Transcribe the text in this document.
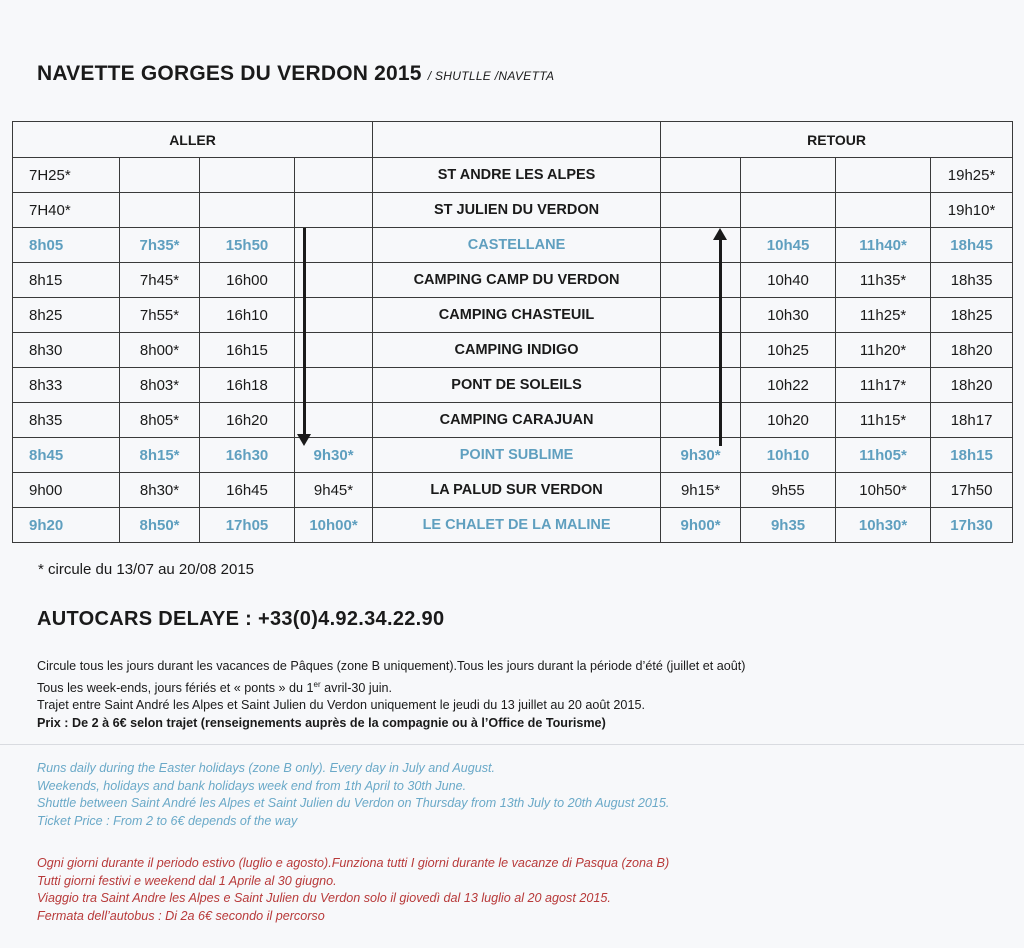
NAVETTE GORGES DU VERDON 2015 / SHUTLLE /NAVETTA
ALLER					RETOUR			
7H25*				ST ANDRE LES ALPES				19h25*
7H40*				ST JULIEN DU VERDON				19h10*
8h05	7h35*	15h50		CASTELLANE		10h45	11h40*	18h45
8h15	7h45*	16h00		CAMPING CAMP DU VERDON		10h40	11h35*	18h35
8h25	7h55*	16h10		CAMPING CHASTEUIL		10h30	11h25*	18h25
8h30	8h00*	16h15		CAMPING INDIGO		10h25	11h20*	18h20
8h33	8h03*	16h18		PONT DE SOLEILS		10h22	11h17*	18h20
8h35	8h05*	16h20		CAMPING CARAJUAN		10h20	11h15*	18h17
8h45	8h15*	16h30	9h30*	POINT SUBLIME	9h30*	10h10	11h05*	18h15
9h00	8h30*	16h45	9h45*	LA PALUD SUR VERDON	9h15*	9h55	10h50*	17h50
9h20	8h50*	17h05	10h00*	LE CHALET DE LA MALINE	9h00*	9h35	10h30*	17h30
* circule du 13/07 au 20/08 2015
AUTOCARS DELAYE : +33(0)4.92.34.22.90

Circule tous les jours durant les vacances de Pâques (zone B uniquement).Tous les jours durant la période d’été (juillet et août)

Tous les week-ends, jours fériés et « ponts » du 1er avril-30 juin.

Trajet entre Saint André les Alpes et Saint Julien du Verdon uniquement le jeudi du 13 juillet au 20 août 2015.

Prix : De 2 à 6€ selon trajet (renseignements auprès de la compagnie ou à l’Office de Tourisme)

Runs daily during the Easter holidays (zone B only). Every day in July and August.

Weekends, holidays and bank holidays week end from 1th April to 30th June.

Shuttle between Saint André les Alpes et Saint Julien du Verdon on Thursday from 13th July to 20th August 2015.

Ticket Price : From 2 to 6€ depends of the way

Ogni giorni durante il periodo estivo (luglio e agosto).Funziona tutti I giorni durante le vacanze di Pasqua (zona B)

Tutti giorni festivi e weekend dal 1 Aprile al 30 giugno.

Viaggio tra Saint Andre les Alpes e Saint Julien du Verdon solo il giovedì dal 13 luglio al 20 agost 2015.

Fermata dell’autobus : Di 2a 6€ secondo il percorso
